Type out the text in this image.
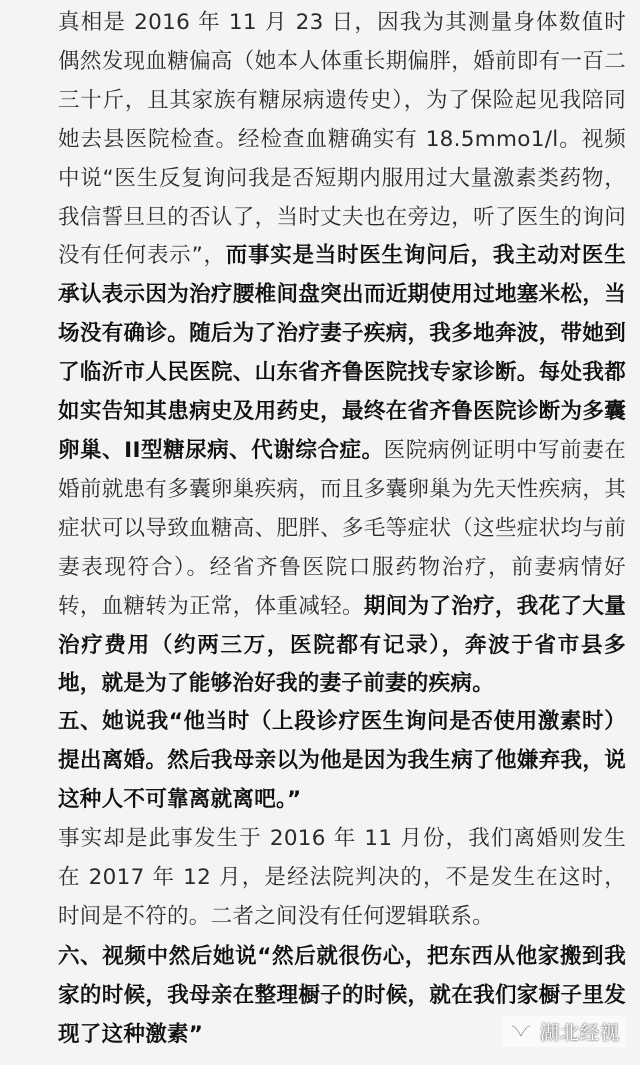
真相是 2016 年 11 月 23 日，因我为其测量身体数值时偶然发现血糖偏高（她本人体重长期偏胖，婚前即有一百二三十斤，且其家族有糖尿病遗传史），为了保险起见我陪同她去县医院检查。经检查血糖确实有 18.5mmo1/l。视频中说“医生反复询问我是否短期内服用过大量激素类药物，我信誓旦旦的否认了，当时丈夫也在旁边，听了医生的询问没有任何表示”，而事实是当时医生询问后，我主动对医生承认表示因为治疗腰椎间盘突出而近期使用过地塞米松，当场没有确诊。随后为了治疗妻子疾病，我多地奔波，带她到了临沂市人民医院、山东省齐鲁医院找专家诊断。每处我都如实告知其患病史及用药史，最终在省齐鲁医院诊断为多囊卵巢、II型糖尿病、代谢综合症。医院病例证明中写前妻在婚前就患有多囊卵巢疾病，而且多囊卵巢为先天性疾病，其症状可以导致血糖高、肥胖、多毛等症状（这些症状均与前妻表现符合）。经省齐鲁医院口服药物治疗，前妻病情好转，血糖转为正常，体重减轻。期间为了治疗，我花了大量治疗费用（约两三万，医院都有记录），奔波于省市县多地，就是为了能够治好我的妻子前妻的疾病。

五、她说我“他当时（上段诊疗医生询问是否使用激素时）提出离婚。然后我母亲以为他是因为我生病了他嫌弃我，说这种人不可靠离就离吧。”

事实却是此事发生于 2016 年 11 月份，我们离婚则发生在 2017 年 12 月，是经法院判决的，不是发生在这时，时间是不符的。二者之间没有任何逻辑联系。

六、视频中然后她说“然后就很伤心，把东西从他家搬到我家的时候，我母亲在整理橱子的时候，就在我们家橱子里发现了这种激素”	湖北经视
